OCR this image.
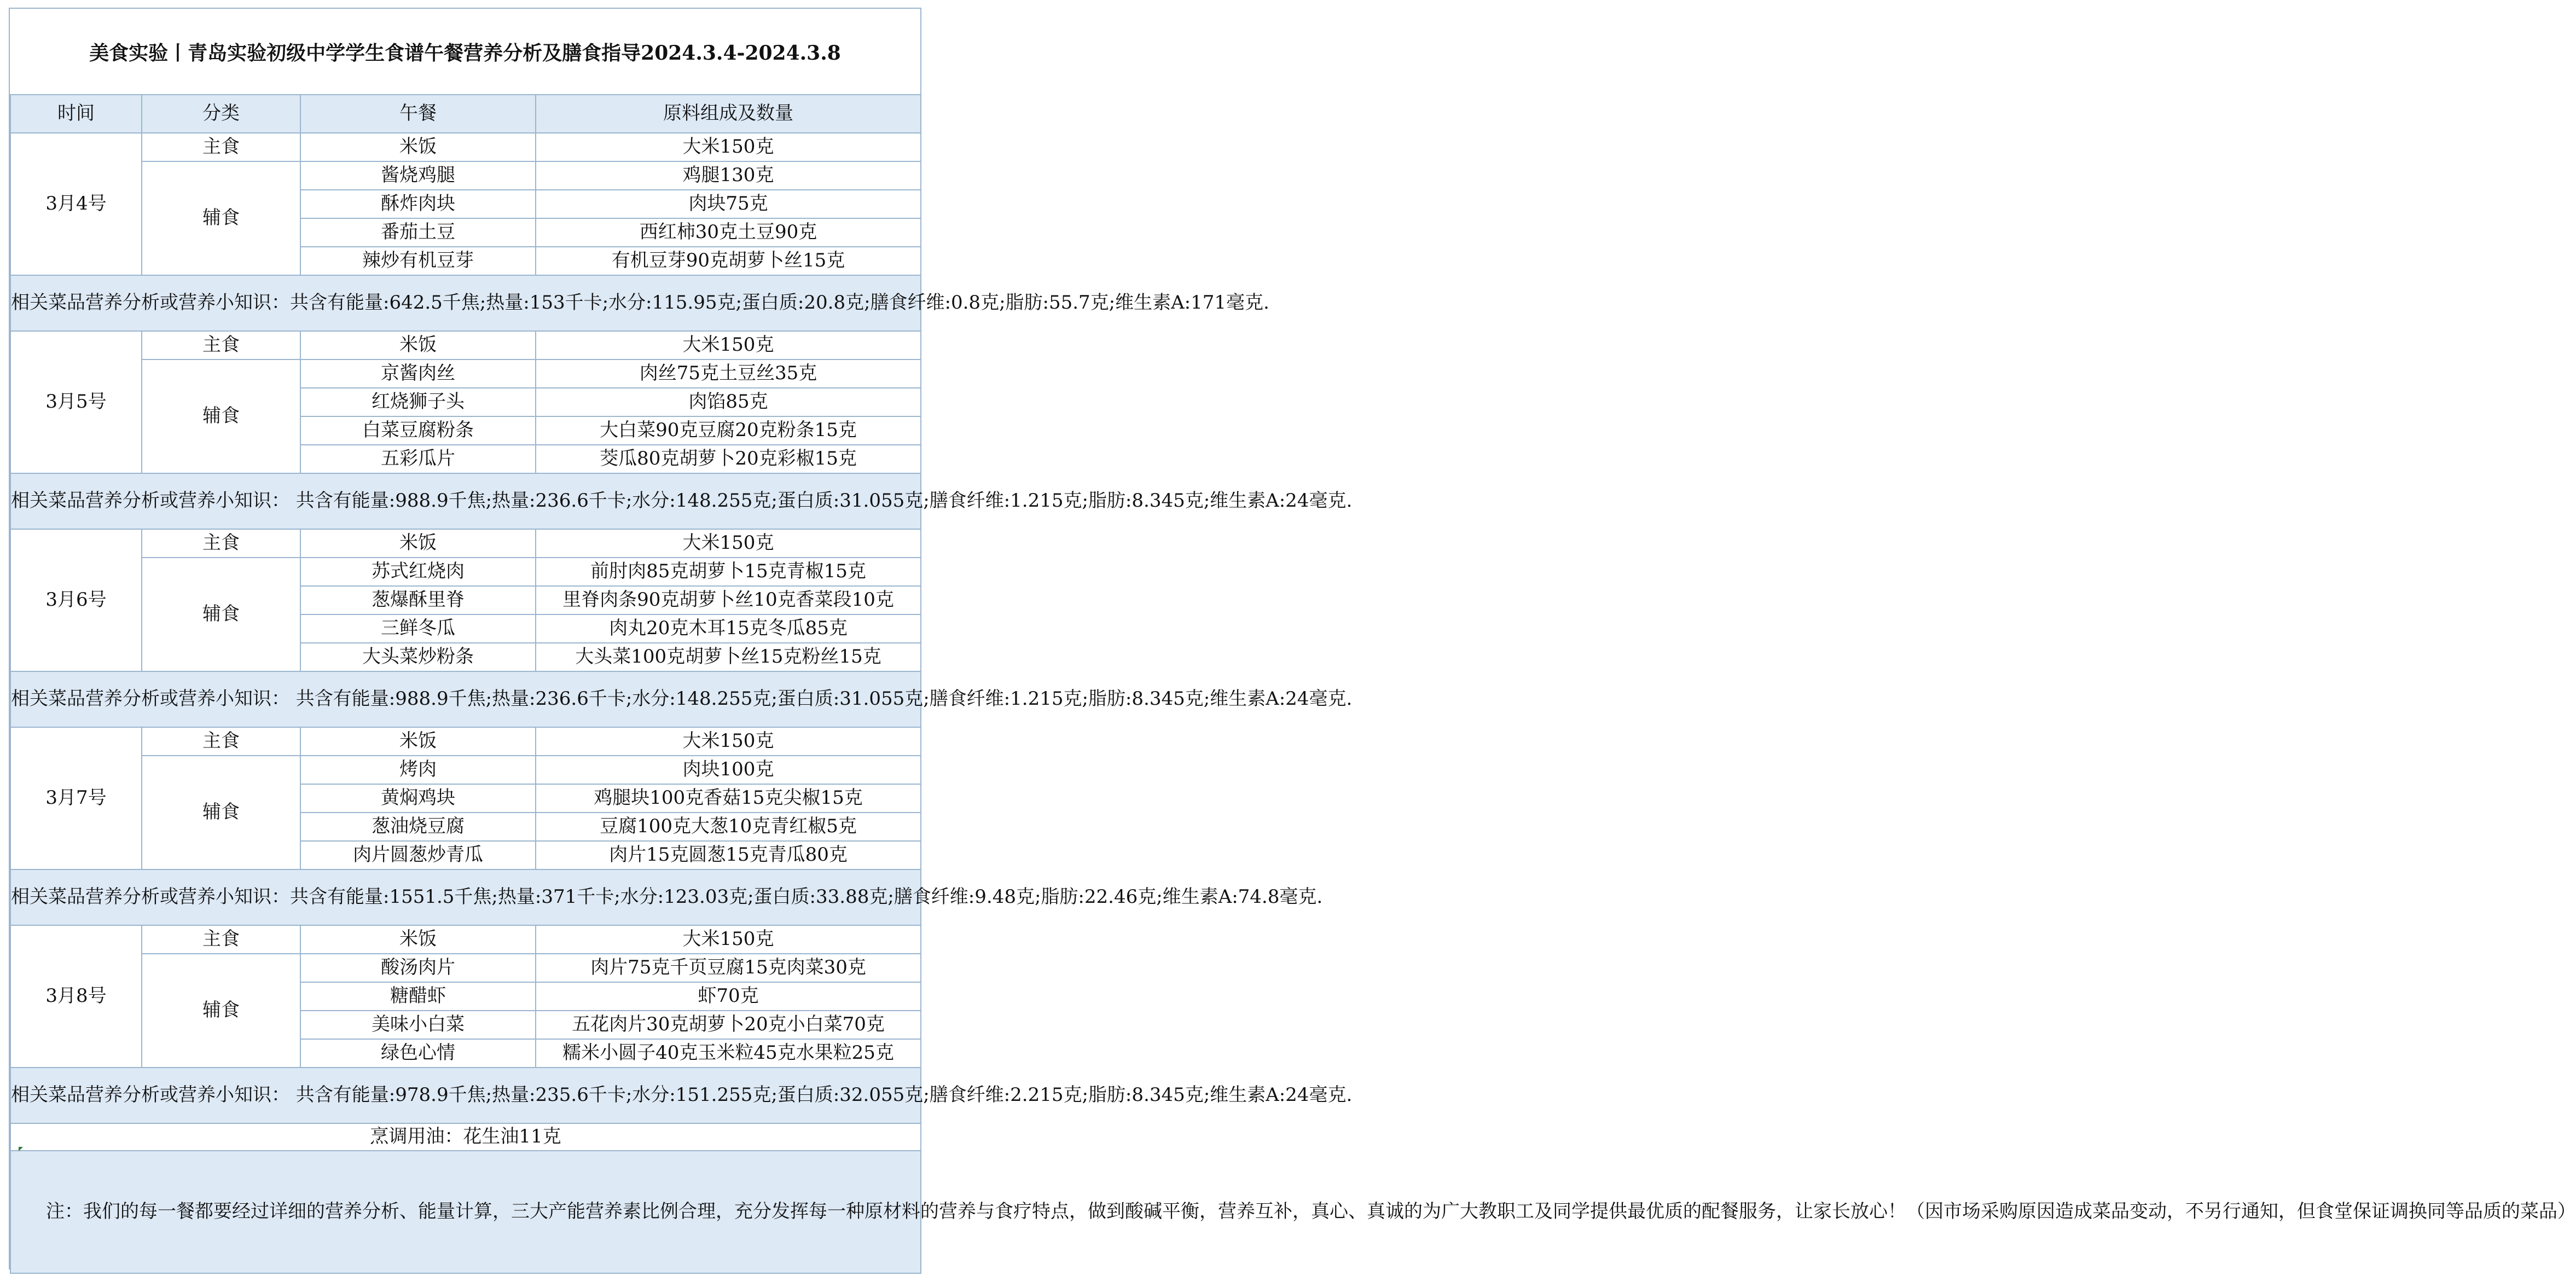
美食实验丨青岛实验初级中学学生食谱午餐营养分析及膳食指导2024.3.4-2024.3.8
时间	分类	午餐	原料组成及数量
3月4号	主食	米饭	大米150克
	辅食	酱烧鸡腿	鸡腿130克
		酥炸肉块	肉块75克
		番茄土豆	西红柿30克土豆90克
		辣炒有机豆芽	有机豆芽90克胡萝卜丝15克
相关菜品营养分析或营养小知识：共含有能量:642.5千焦;热量:153千卡;水分:115.95克;蛋白质:20.8克;膳食纤维:0.8克;脂肪:55.7克;维生素A:171毫克.			
3月5号	主食	米饭	大米150克
	辅食	京酱肉丝	肉丝75克土豆丝35克
		红烧狮子头	肉馅85克
		白菜豆腐粉条	大白菜90克豆腐20克粉条15克
		五彩瓜片	茭瓜80克胡萝卜20克彩椒15克
相关菜品营养分析或营养小知识： 共含有能量:988.9千焦;热量:236.6千卡;水分:148.255克;蛋白质:31.055克;膳食纤维:1.215克;脂肪:8.345克;维生素A:24毫克.			
3月6号	主食	米饭	大米150克
	辅食	苏式红烧肉	前肘肉85克胡萝卜15克青椒15克
		葱爆酥里脊	里脊肉条90克胡萝卜丝10克香菜段10克
		三鲜冬瓜	肉丸20克木耳15克冬瓜85克
		大头菜炒粉条	大头菜100克胡萝卜丝15克粉丝15克
相关菜品营养分析或营养小知识： 共含有能量:988.9千焦;热量:236.6千卡;水分:148.255克;蛋白质:31.055克;膳食纤维:1.215克;脂肪:8.345克;维生素A:24毫克.			
3月7号	主食	米饭	大米150克
	辅食	烤肉	肉块100克
		黄焖鸡块	鸡腿块100克香菇15克尖椒15克
		葱油烧豆腐	豆腐100克大葱10克青红椒5克
		肉片圆葱炒青瓜	肉片15克圆葱15克青瓜80克
相关菜品营养分析或营养小知识：共含有能量:1551.5千焦;热量:371千卡;水分:123.03克;蛋白质:33.88克;膳食纤维:9.48克;脂肪:22.46克;维生素A:74.8毫克.			
3月8号	主食	米饭	大米150克
	辅食	酸汤肉片	肉片75克千页豆腐15克肉菜30克
		糖醋虾	虾70克
		美味小白菜	五花肉片30克胡萝卜20克小白菜70克
		绿色心情	糯米小圆子40克玉米粒45克水果粒25克
相关菜品营养分析或营养小知识： 共含有能量:978.9千焦;热量:235.6千卡;水分:151.255克;蛋白质:32.055克;膳食纤维:2.215克;脂肪:8.345克;维生素A:24毫克.			
烹调用油：花生油11克			

注：我们的每一餐都要经过详细的营养分析、能量计算，三大产能营养素比例合理，充分发挥每一种原材料的营养与食疗特点，做到酸碱平衡，营养互补，真心、真诚的为广大教职工及同学提供最优质的配餐服务，让家长放心！（因市场采购原因造成菜品变动，不另行通知，但食堂保证调换同等品质的菜品）			
